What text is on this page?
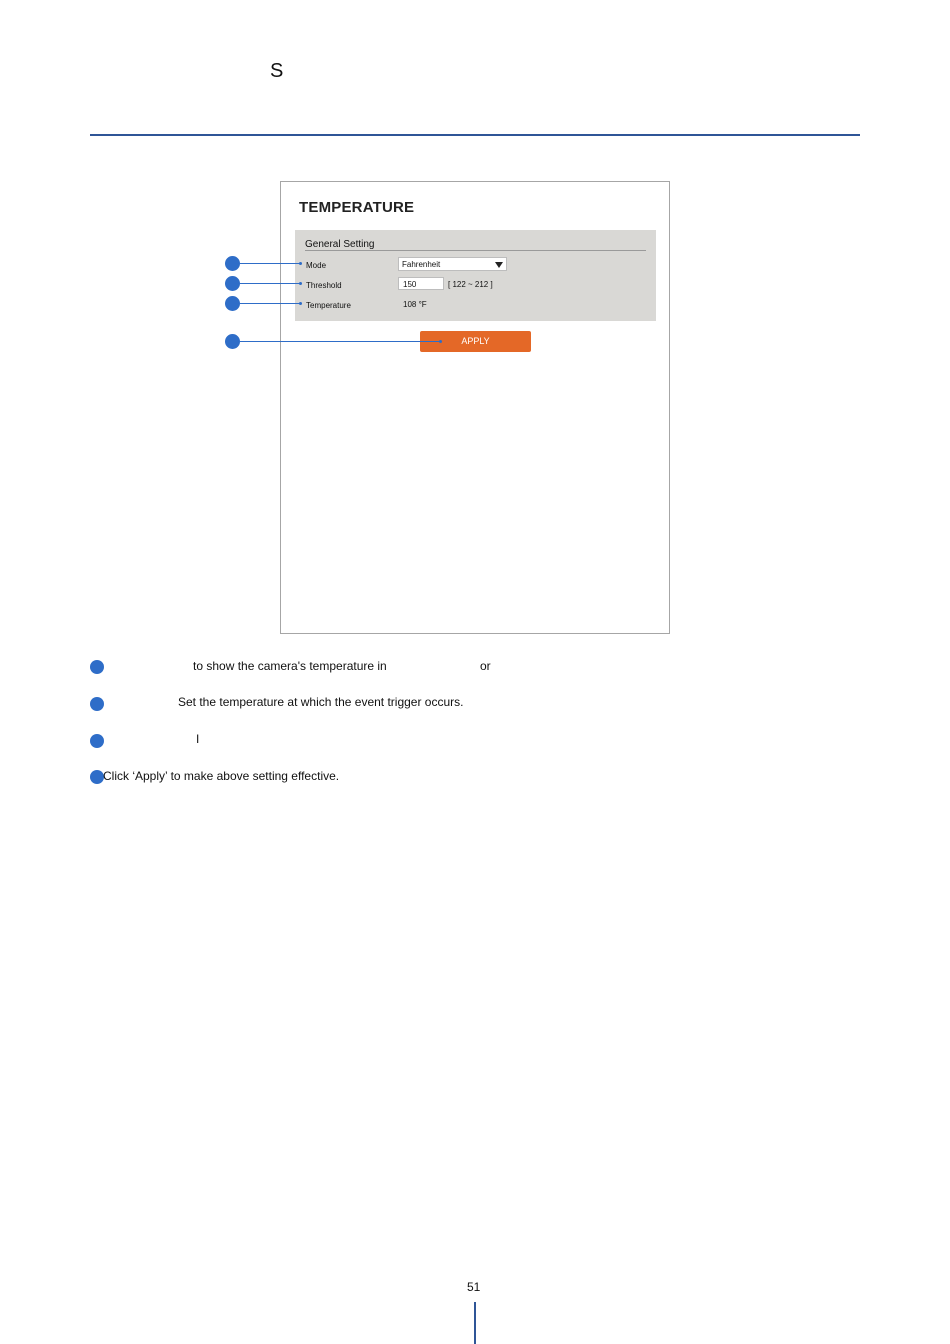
S
TEMPERATURE
General Setting
Mode	Fahrenheit
Threshold	150	[ 122 ~ 212 ]
Temperature	108 °F
APPLY
to show the camera's temperature in	or
Set the temperature at which the event trigger occurs.
I
Click ‘Apply’ to make above setting effective.
51
